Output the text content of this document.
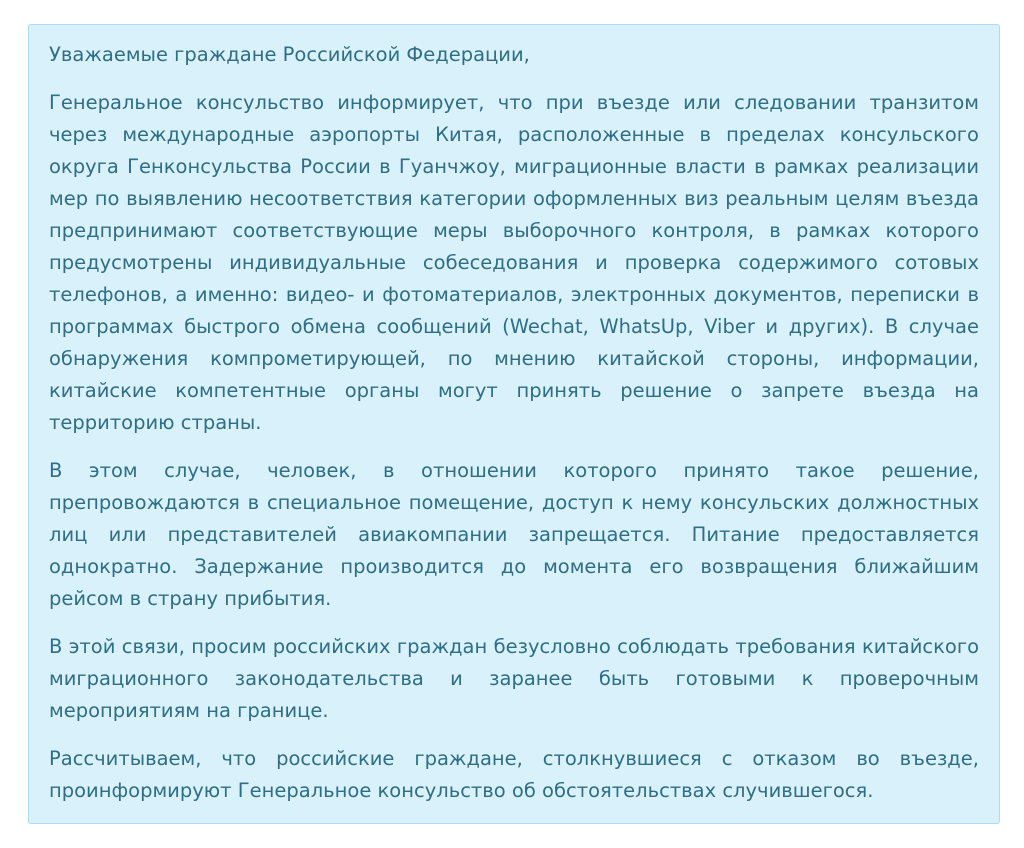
Уважаемые граждане Российской Федерации,

Генеральное консульство информирует, что при въезде или следовании транзитом через международные аэропорты Китая, расположенные в пределах консульского округа Генконсульства России в Гуанчжоу, миграционные власти в рамках реализации мер по выявлению несоответствия категории оформленных виз реальным целям въезда предпринимают соответствующие меры выборочного контроля, в рамках которого предусмотрены индивидуальные собеседования и проверка содержимого сотовых телефонов, а именно: видео- и фотоматериалов, электронных документов, переписки в программах быстрого обмена сообщений (Wechat, WhatsUp, Viber и других). В случае обнаружения компрометирующей, по мнению китайской стороны, информации, китайские компетентные органы могут принять решение о запрете въезда на территорию страны.

В этом случае, человек, в отношении которого принято такое решение, препровождаются в специальное помещение, доступ к нему консульских должностных лиц или представителей авиакомпании запрещается. Питание предоставляется однократно. Задержание производится до момента его возвращения ближайшим рейсом в страну прибытия.

В этой связи, просим российских граждан безусловно соблюдать требования китайского миграционного законодательства и заранее быть готовыми к проверочным мероприятиям на границе.

Рассчитываем, что российские граждане, столкнувшиеся с отказом во въезде, проинформируют Генеральное консульство об обстоятельствах случившегося.
